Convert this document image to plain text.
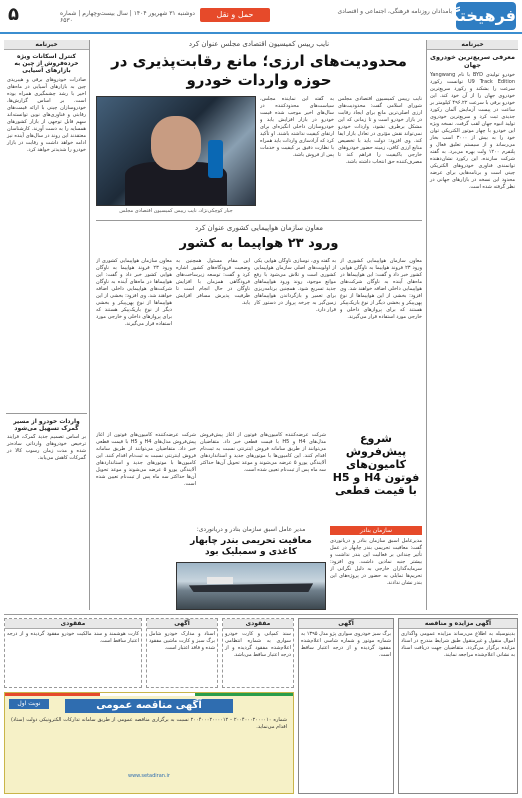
فرهیختگان
۵	حمل و نقل
دوشنبه ۳۱ شهریور ۱۴۰۴ | سال بیست‌وچهارم | شماره ۶۵۳۰
بامدادان روزنامه فرهنگی، اجتماعی و اقتصادی
خبرنامه
معرفی سریع‌ترین خودروی جهان
خودرو تولیدی BYD با نام Yangwang U9 Track Edition توانست رکورد سرعت را بشکند و رکورد سریع‌ترین خودروی جهان را از آن خود کند. این خودرو برقی با سرعت ۴۹۶.۲۲ کیلومتر بر ساعت در پیست آزمایش آلمان رکورد جدیدی ثبت کرد و سریع‌ترین خودروی تولید انبوه جهان لقب گرفت. نسخه ویژه این خودرو با چهار موتور الکتریکی توان خود را به بیش از ۳۰۰۰ اسب بخار می‌رساند و از سیستم تعلیق فعال و پلتفرم ۱۲۰۰ ولت بهره می‌برد. به گفته شرکت سازنده، این رکورد نشان‌دهنده توانمندی فناوری خودروهای الکتریکی چینی است و برنامه‌هایی برای عرضه محدود این نسخه در بازارهای جهانی در نظر گرفته شده است.
خبرنامه
کنترل اسکانات ویژه خرده‌فروش از چین به بازارهای آسیایی
صادرات خودروهای برقی و هیبریدی چین به بازارهای آسیایی در ماه‌های اخیر با رشد چشمگیری همراه بوده است. بر اساس گزارش‌ها، خودروسازان چینی با ارائه قیمت‌های رقابتی و فناوری‌های نوین توانسته‌اند سهم قابل توجهی از بازار کشورهای همسایه را به دست آورند. کارشناسان معتقدند این روند در سال‌های آینده نیز ادامه خواهد داشت و رقابت در بازار خودرو را شدیدتر خواهد کرد.
واردات خودرو از مسیر گمرک تسهیل می‌شود
بر اساس تصمیم جدید گمرک، فرآیند ترخیص خودروهای وارداتی ساده‌تر شده و مدت زمان رسوب کالا در گمرکات کاهش می‌یابد.
نایب رییس کمیسیون اقتصادی مجلس عنوان کرد
محدودیت‌های ارزی؛ مانع رقابت‌پذیری در حوزه واردات خودرو
نایب رییس کمیسیون اقتصادی مجلس شورای اسلامی گفت: محدودیت‌های ارزی اصلی‌ترین مانع برای ایجاد رقابت در بازار خودرو است و تا زمانی که این مشکل برطرف نشود، واردات خودرو نمی‌تواند نقش مؤثری در تعادل بازار ایفا کند. وی افزود: دولت باید با تخصیص منابع ارزی کافی، زمینه حضور خودروهای خارجی باکیفیت را فراهم کند تا مصرف‌کننده حق انتخاب داشته باشد.
به گفته این نماینده مجلس، سیاست‌های محدودکننده در سال‌های اخیر موجب شده قیمت خودرو در بازار افزایش یابد و خودروسازان داخلی انگیزه‌ای برای ارتقای کیفیت نداشته باشند. او تأکید کرد که آزادسازی واردات باید همراه با نظارت دقیق بر کیفیت و خدمات پس از فروش باشد.
جبار کوچکی‌نژاد، نایب رییس کمیسیون اقتصادی مجلس
معاون سازمان هواپیمایی کشوری عنوان کرد
ورود ۲۳ هواپیما به کشور
معاون سازمان هواپیمایی کشوری از ورود ۲۳ فروند هواپیما به ناوگان هوایی کشور خبر داد و گفت: این هواپیماها در ماه‌های آینده به ناوگان شرکت‌های هواپیمایی داخلی اضافه خواهند شد. وی افزود: بخشی از این هواپیماها از نوع پهن‌پیکر و بخشی دیگر از نوع باریک‌پیکر هستند که برای پروازهای داخلی و خارجی مورد استفاده قرار می‌گیرند.
به گفته وی، نوسازی ناوگان هوایی یکی از اولویت‌های اصلی سازمان هواپیمایی کشوری است و تلاش می‌شود با رفع موانع موجود، روند ورود هواپیماهای جدید تسریع شود. همچنین برنامه‌ریزی برای تعمیر و بازگرداندن هواپیماهای زمین‌گیر به چرخه پرواز در دستور کار قرار دارد.
این مقام مسئول همچنین به وضعیت فرودگاه‌های کشور اشاره کرد و گفت: توسعه زیرساخت‌های فرودگاهی همزمان با افزایش ناوگان در حال انجام است تا ظرفیت پذیرش مسافر افزایش یابد.
معاون سازمان هواپیمایی کشوری از ورود ۲۳ فروند هواپیما به ناوگان هوایی کشور خبر داد و گفت: این هواپیماها در ماه‌های آینده به ناوگان شرکت‌های هواپیمایی داخلی اضافه خواهند شد. وی افزود: بخشی از این هواپیماها از نوع پهن‌پیکر و بخشی دیگر از نوع باریک‌پیکر هستند که برای پروازهای داخلی و خارجی مورد استفاده قرار می‌گیرند.
شروع پیش‌فروش کامیون‌های فوتون H4 و H5 با قیمت قطعی
شرکت عرضه‌کننده کامیون‌های فوتون از آغاز پیش‌فروش مدل‌های H4 و H5 با قیمت قطعی خبر داد. متقاضیان می‌توانند از طریق سامانه فروش اینترنتی نسبت به ثبت‌نام اقدام کنند. این کامیون‌ها با موتورهای جدید و استانداردهای آلایندگی یورو ۵ عرضه می‌شوند و موعد تحویل آن‌ها حداکثر سه ماه پس از ثبت‌نام تعیین شده است.
سازمان بنادر
مدیرعامل اسبق سازمان بنادر و دریانوردی گفت: معافیت تحریمی بندر چابهار در عمل تأثیر چندانی بر فعالیت این بندر نداشت و بیشتر جنبه نمادین داشت. وی افزود: سرمایه‌گذاران خارجی به دلیل نگرانی از تحریم‌ها تمایلی به حضور در پروژه‌های این بندر نشان ندادند.
مدیر عامل اسبق سازمان بنادر و دریانوردی:
معافیت تحریمی بندر چابهار کاغذی و سمبلیک بود
شرکت عرضه‌کننده کامیون‌های فوتون از آغاز پیش‌فروش مدل‌های H4 و H5 با قیمت قطعی خبر داد. متقاضیان می‌توانند از طریق سامانه فروش اینترنتی نسبت به ثبت‌نام اقدام کنند. این کامیون‌ها با موتورهای جدید و استانداردهای آلایندگی یورو ۵ عرضه می‌شوند و موعد تحویل آن‌ها حداکثر سه ماه پس از ثبت‌نام تعیین شده است.
آگهی مزایده و مناقصه
بدینوسیله به اطلاع می‌رساند مزایده عمومی واگذاری اموال منقول و غیرمنقول طبق شرایط مندرج در اسناد مزایده برگزار می‌گردد. متقاضیان جهت دریافت اسناد به نشانی اعلام‌شده مراجعه نمایند.
آگهی
برگ سبز خودروی سواری پژو مدل ۱۳۹۵ به شماره موتور و شماره شاسی اعلام‌شده مفقود گردیده و از درجه اعتبار ساقط است.
مفقودی
سند کمپانی و کارت خودرو سواری به شماره انتظامی اعلام‌شده مفقود گردیده و از درجه اعتبار ساقط می‌باشد.
آگهی
اسناد و مدارک خودرو شامل برگ سبز و کارت ماشین مفقود شده و فاقد اعتبار است.
مفقودی
کارت هوشمند و سند مالکیت خودرو مفقود گردیده و از درجه اعتبار ساقط است.
نوبت اول	آگهی مناقصه عمومی
شماره ۲۰۰۴۰۰۰۲۰۰۰۰۱۰ - ۲۰۰۴۰۰۰۲۰۰۰۰۱۲ نسبت به برگزاری مناقصه عمومی از طریق سامانه تدارکات الکترونیکی دولت (ستاد) اقدام می‌نماید.
www.setadiran.ir
